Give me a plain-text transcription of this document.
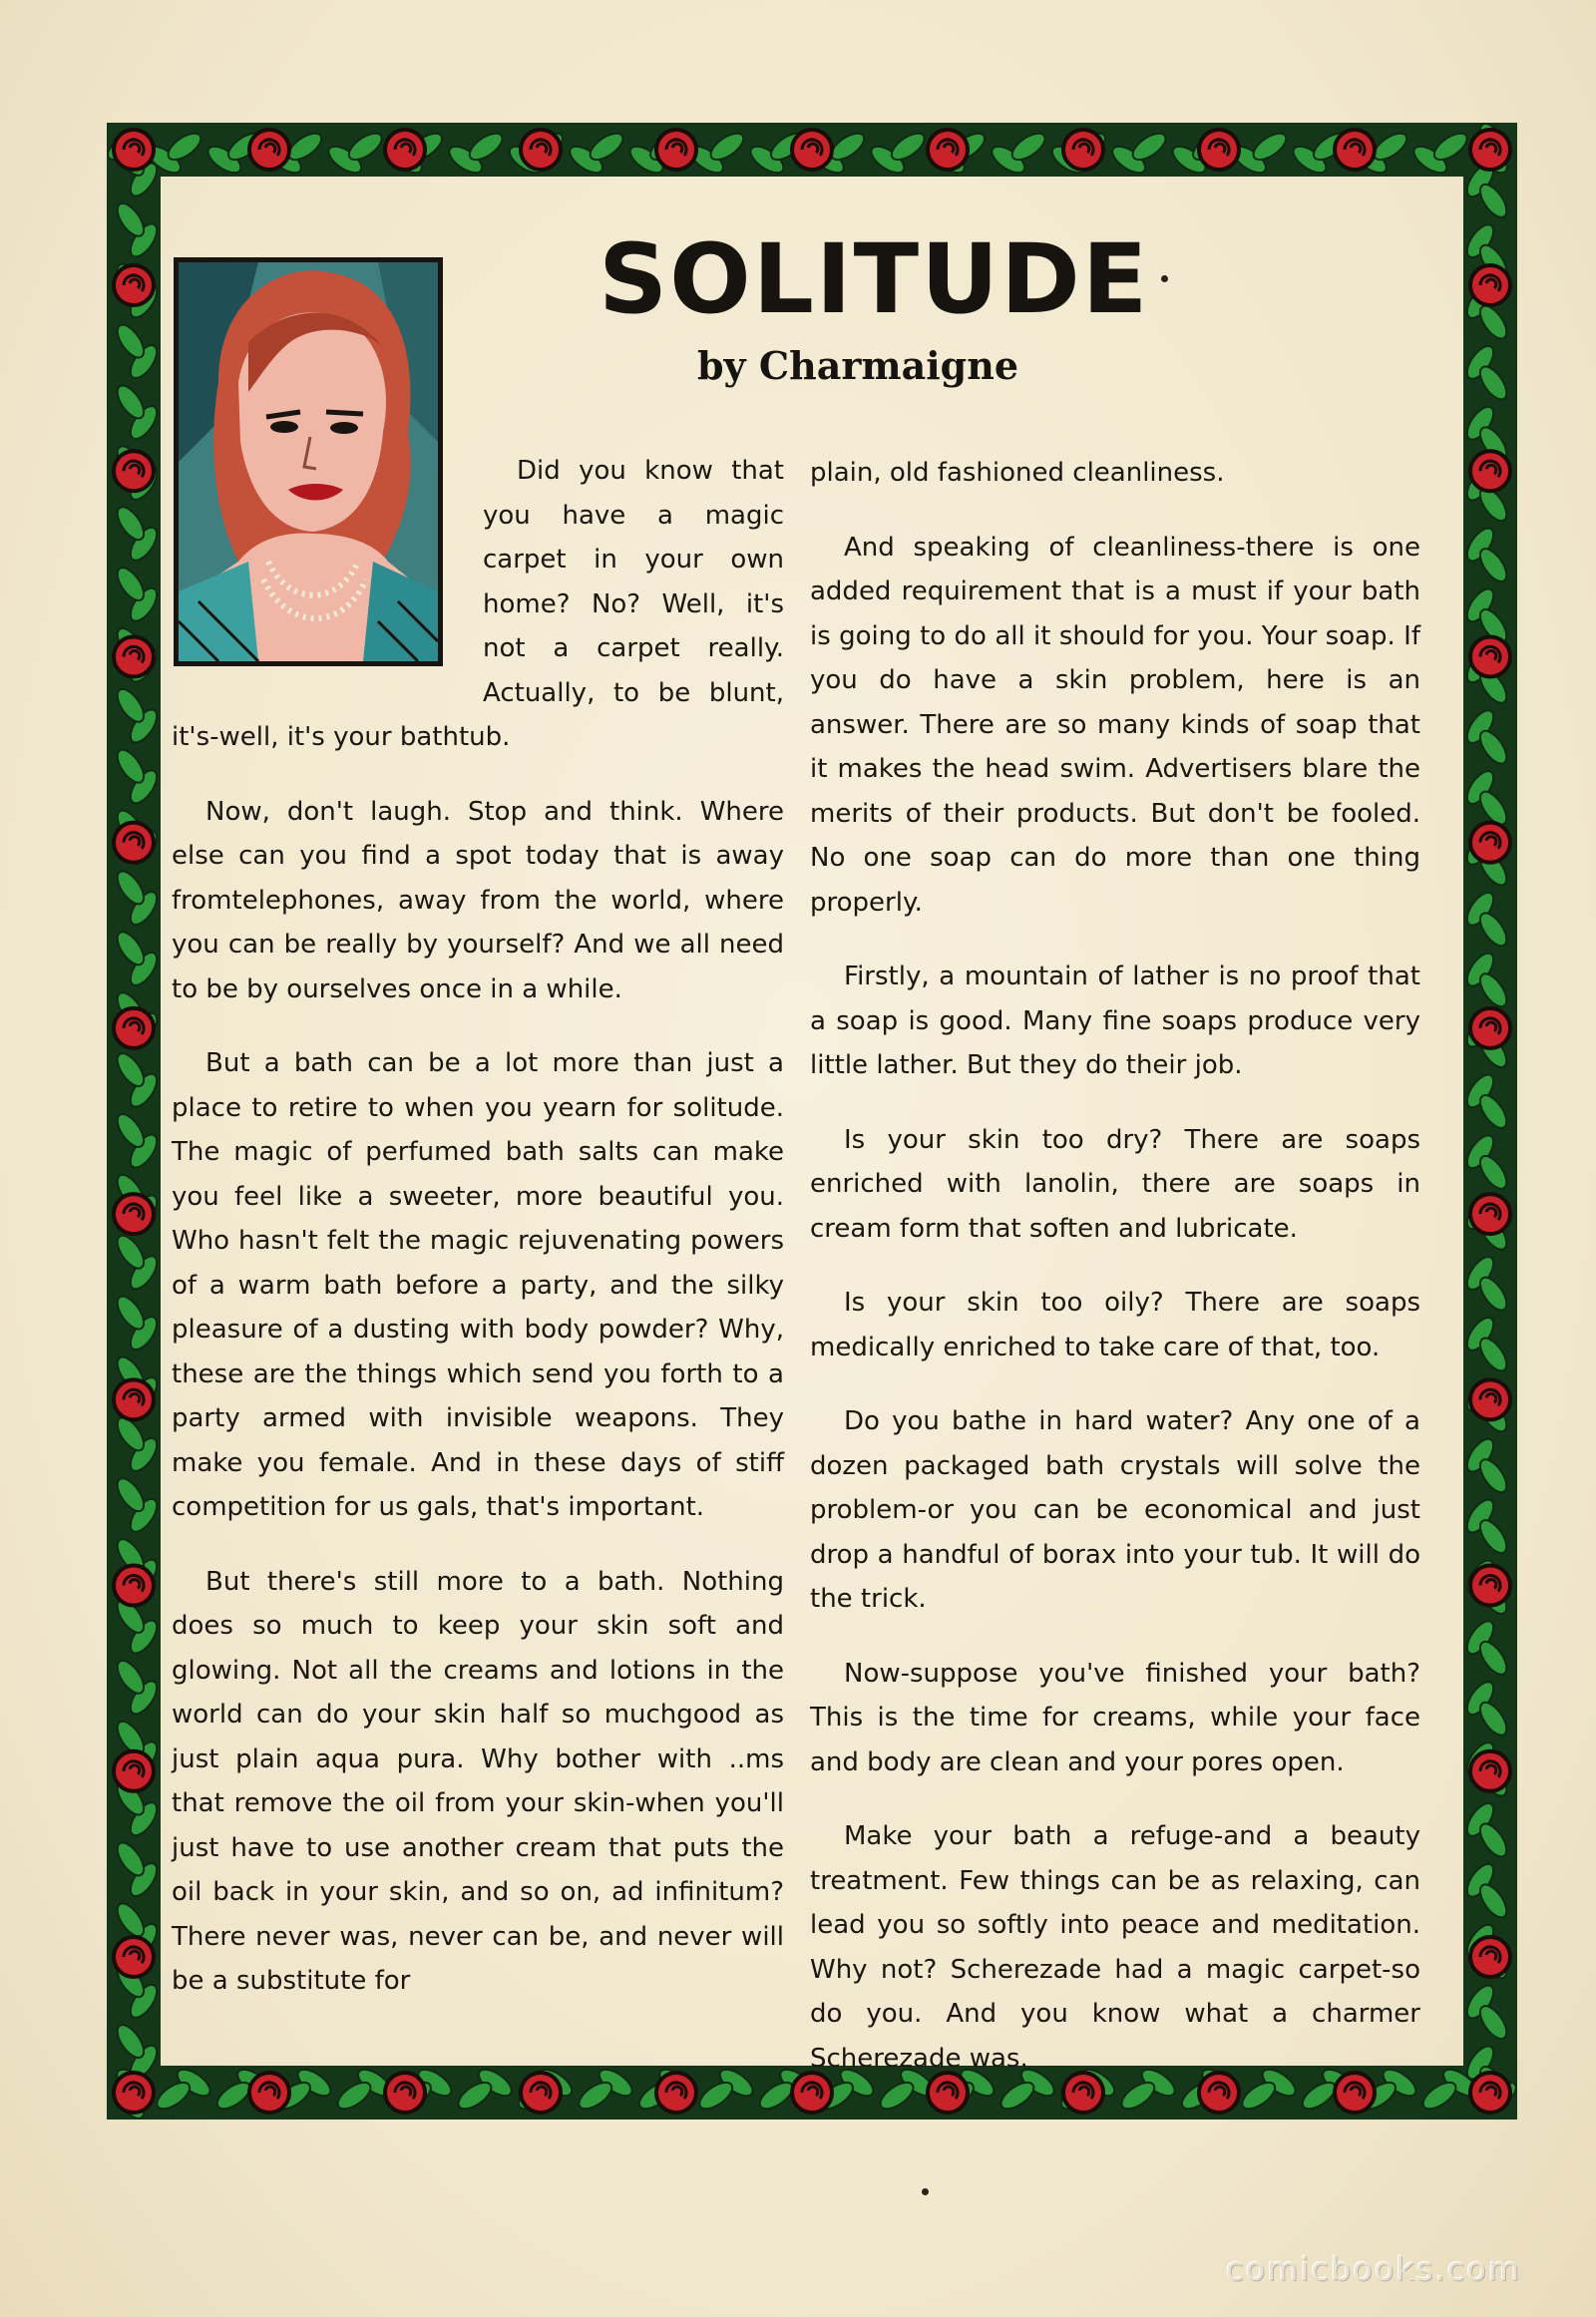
SOLITUDE
by Charmaigne

Did you know that you have a magic carpet in your own home? No? Well, it's not a carpet really. Actually, to be blunt, it's-well, it's your bathtub.

Now, don't laugh. Stop and think. Where else can you find a spot today that is away fromtelephones, away from the world, where you can be really by yourself? And we all need to be by ourselves once in a while.

But a bath can be a lot more than just a place to retire to when you yearn for solitude. The magic of perfumed bath salts can make you feel like a sweeter, more beautiful you. Who hasn't felt the magic rejuvenating powers of a warm bath before a party, and the silky pleasure of a dusting with body powder? Why, these are the things which send you forth to a party armed with invisible weapons. They make you female. And in these days of stiff competition for us gals, that's important.

But there's still more to a bath. Nothing does so much to keep your skin soft and glowing. Not all the creams and lotions in the world can do your skin half so muchgood as just plain aqua pura. Why bother with ..ms that remove the oil from your skin-when you'll just have to use another cream that puts the oil back in your skin, and so on, ad infinitum? There never was, never can be, and never will be a substitute for

plain, old fashioned cleanliness.

And speaking of cleanliness-there is one added requirement that is a must if your bath is going to do all it should for you. Your soap. If you do have a skin problem, here is an answer. There are so many kinds of soap that it makes the head swim. Advertisers blare the merits of their products. But don't be fooled. No one soap can do more than one thing properly.

Firstly, a mountain of lather is no proof that a soap is good. Many fine soaps produce very little lather. But they do their job.

Is your skin too dry? There are soaps enriched with lanolin, there are soaps in cream form that soften and lubricate.

Is your skin too oily? There are soaps medically enriched to take care of that, too.

Do you bathe in hard water? Any one of a dozen packaged bath crystals will solve the problem-or you can be economical and just drop a handful of borax into your tub. It will do the trick.

Now-suppose you've finished your bath? This is the time for creams, while your face and body are clean and your pores open.

Make your bath a refuge-and a beauty treatment. Few things can be as relaxing, can lead you so softly into peace and meditation. Why not? Scherezade had a magic carpet-so do you. And you know what a charmer Scherezade was.

comicbooks.com
